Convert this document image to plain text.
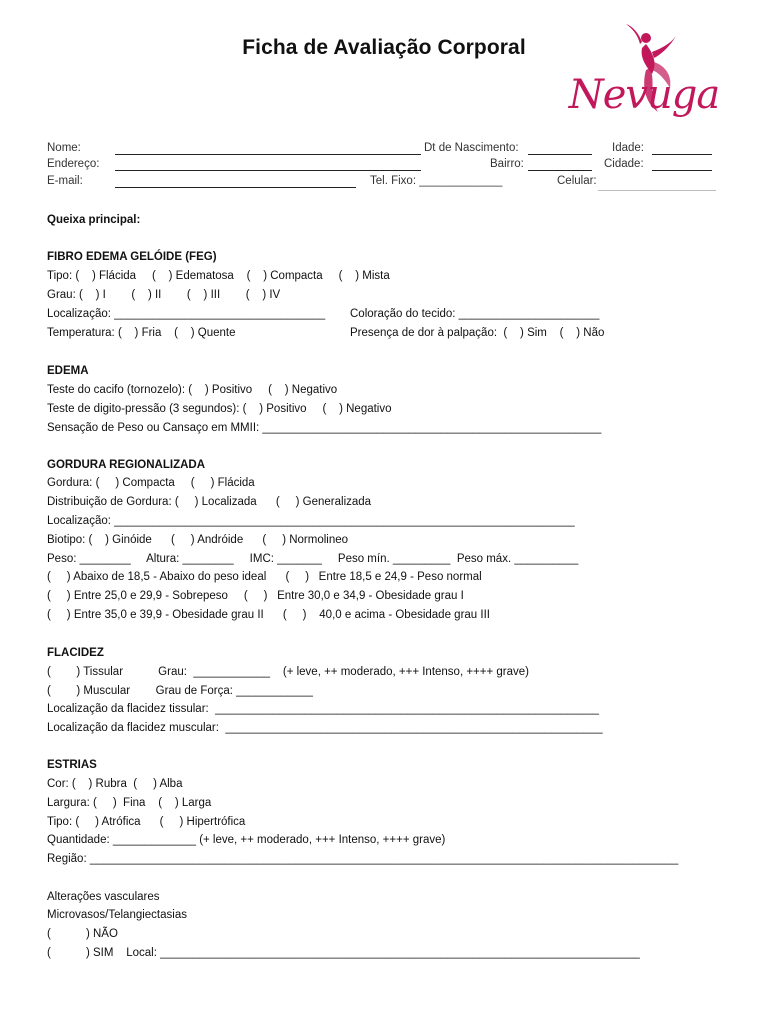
Ficha de Avaliação Corporal
Nevuga
Nome:	Dt de Nascimento:	Idade:
Endereço:	Bairro:	Cidade:
E-mail:	Tel. Fixo: _____________	Celular:
Queixa principal:
FIBRO EDEMA GELÓIDE (FEG)
Tipo: (    ) Flácida     (    ) Edematosa    (    ) Compacta     (    ) Mista
Grau: (    ) I        (    ) II        (    ) III        (    ) IV
Localização: _________________________________ Coloração do tecido: ______________________
Temperatura: (    ) Fria    (    ) Quente	Presença de dor à palpação:  (    ) Sim    (    ) Não
EDEMA
Teste do cacifo (tornozelo): (    ) Positivo     (    ) Negativo
Teste de digito-pressão (3 segundos): (    ) Positivo     (    ) Negativo
Sensação de Peso ou Cansaço em MMII: _____________________________________________________
GORDURA REGIONALIZADA
Gordura: (     ) Compacta     (     ) Flácida
Distribuição de Gordura: (     ) Localizada      (     ) Generalizada
Localização: ________________________________________________________________________
Biotipo: (    ) Ginóide      (     ) Andróide      (     ) Normolineo
Peso: ________     Altura: ________     IMC: _______     Peso mín. _________  Peso máx. __________
(     ) Abaixo de 18,5 - Abaixo do peso ideal      (     )   Entre 18,5 e 24,9 - Peso normal
(     ) Entre 25,0 e 29,9 - Sobrepeso     (     )   Entre 30,0 e 34,9 - Obesidade grau I
(     ) Entre 35,0 e 39,9 - Obesidade grau II      (     )    40,0 e acima - Obesidade grau III
FLACIDEZ
(        ) Tissular           Grau:  ____________    (+ leve, ++ moderado, +++ Intenso, ++++ grave)
(        ) Muscular        Grau de Força: ____________
Localização da flacidez tissular:  ____________________________________________________________
Localização da flacidez muscular:  ___________________________________________________________
ESTRIAS
Cor: (    ) Rubra  (     ) Alba
Largura: (     )  Fina    (    ) Larga
Tipo: (     ) Atrófica      (     ) Hipertrófica
Quantidade: _____________ (+ leve, ++ moderado, +++ Intenso, ++++ grave)
Região: ____________________________________________________________________________________________
Alterações vasculares
Microvasos/Telangiectasias
(           ) NÃO
(           ) SIM    Local: ___________________________________________________________________________
